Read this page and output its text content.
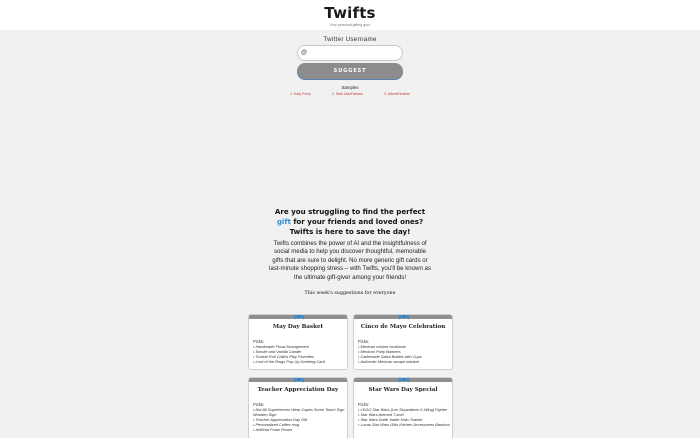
Twifts
Your personal gifting guru
Twitter Username
@
SUGGEST
Samples
1. Katy Perry	2. Seth MacFarlane	3. AlbertEinstein
Are you struggling to find the perfect gift for your friends and loved ones? Twifts is here to save the day!
Twifts combines the power of AI and the insightfulness of social media to help you discover thoughtful, memorable gifts that are sure to delight. No more generic gift cards or last-minute shopping stress – with Twifts, you'll be known as the ultimate gift-giver among your friends!
This week's suggestions for everyone
May Day Basket
Picks:
• Handmade Floral Arrangement
• Smoke and Vanilla Candle
• Tootsie Roll Child's Play Favorites
• Lord of the Rings Pop-Up Greeting Card
Cinco de Mayo Celebration
Picks:
• Mexican cuisine cookbook
• Mexican Party Banners
• Cadernade Salsa Bottles with Cups
• Authentic Mexican serape blanket
Teacher Appreciation Day
Picks:
• Not All Superheroes Wear Capes Some Teach Sign Wooden Sign
• Teacher Appreciation Day Gift
• Personalized Coffee mug
• Artificial Foam Roses
Star Wars Day Special
Picks:
• LEGO Star Wars (Lex Skywalkers X-Wing) Fighter
• Star Wars-themed T-shirt
• Star Wars Darth Vader Halo Toaster
• Lucas Star Wars Gifts Kitchen Accessories Bamboo
